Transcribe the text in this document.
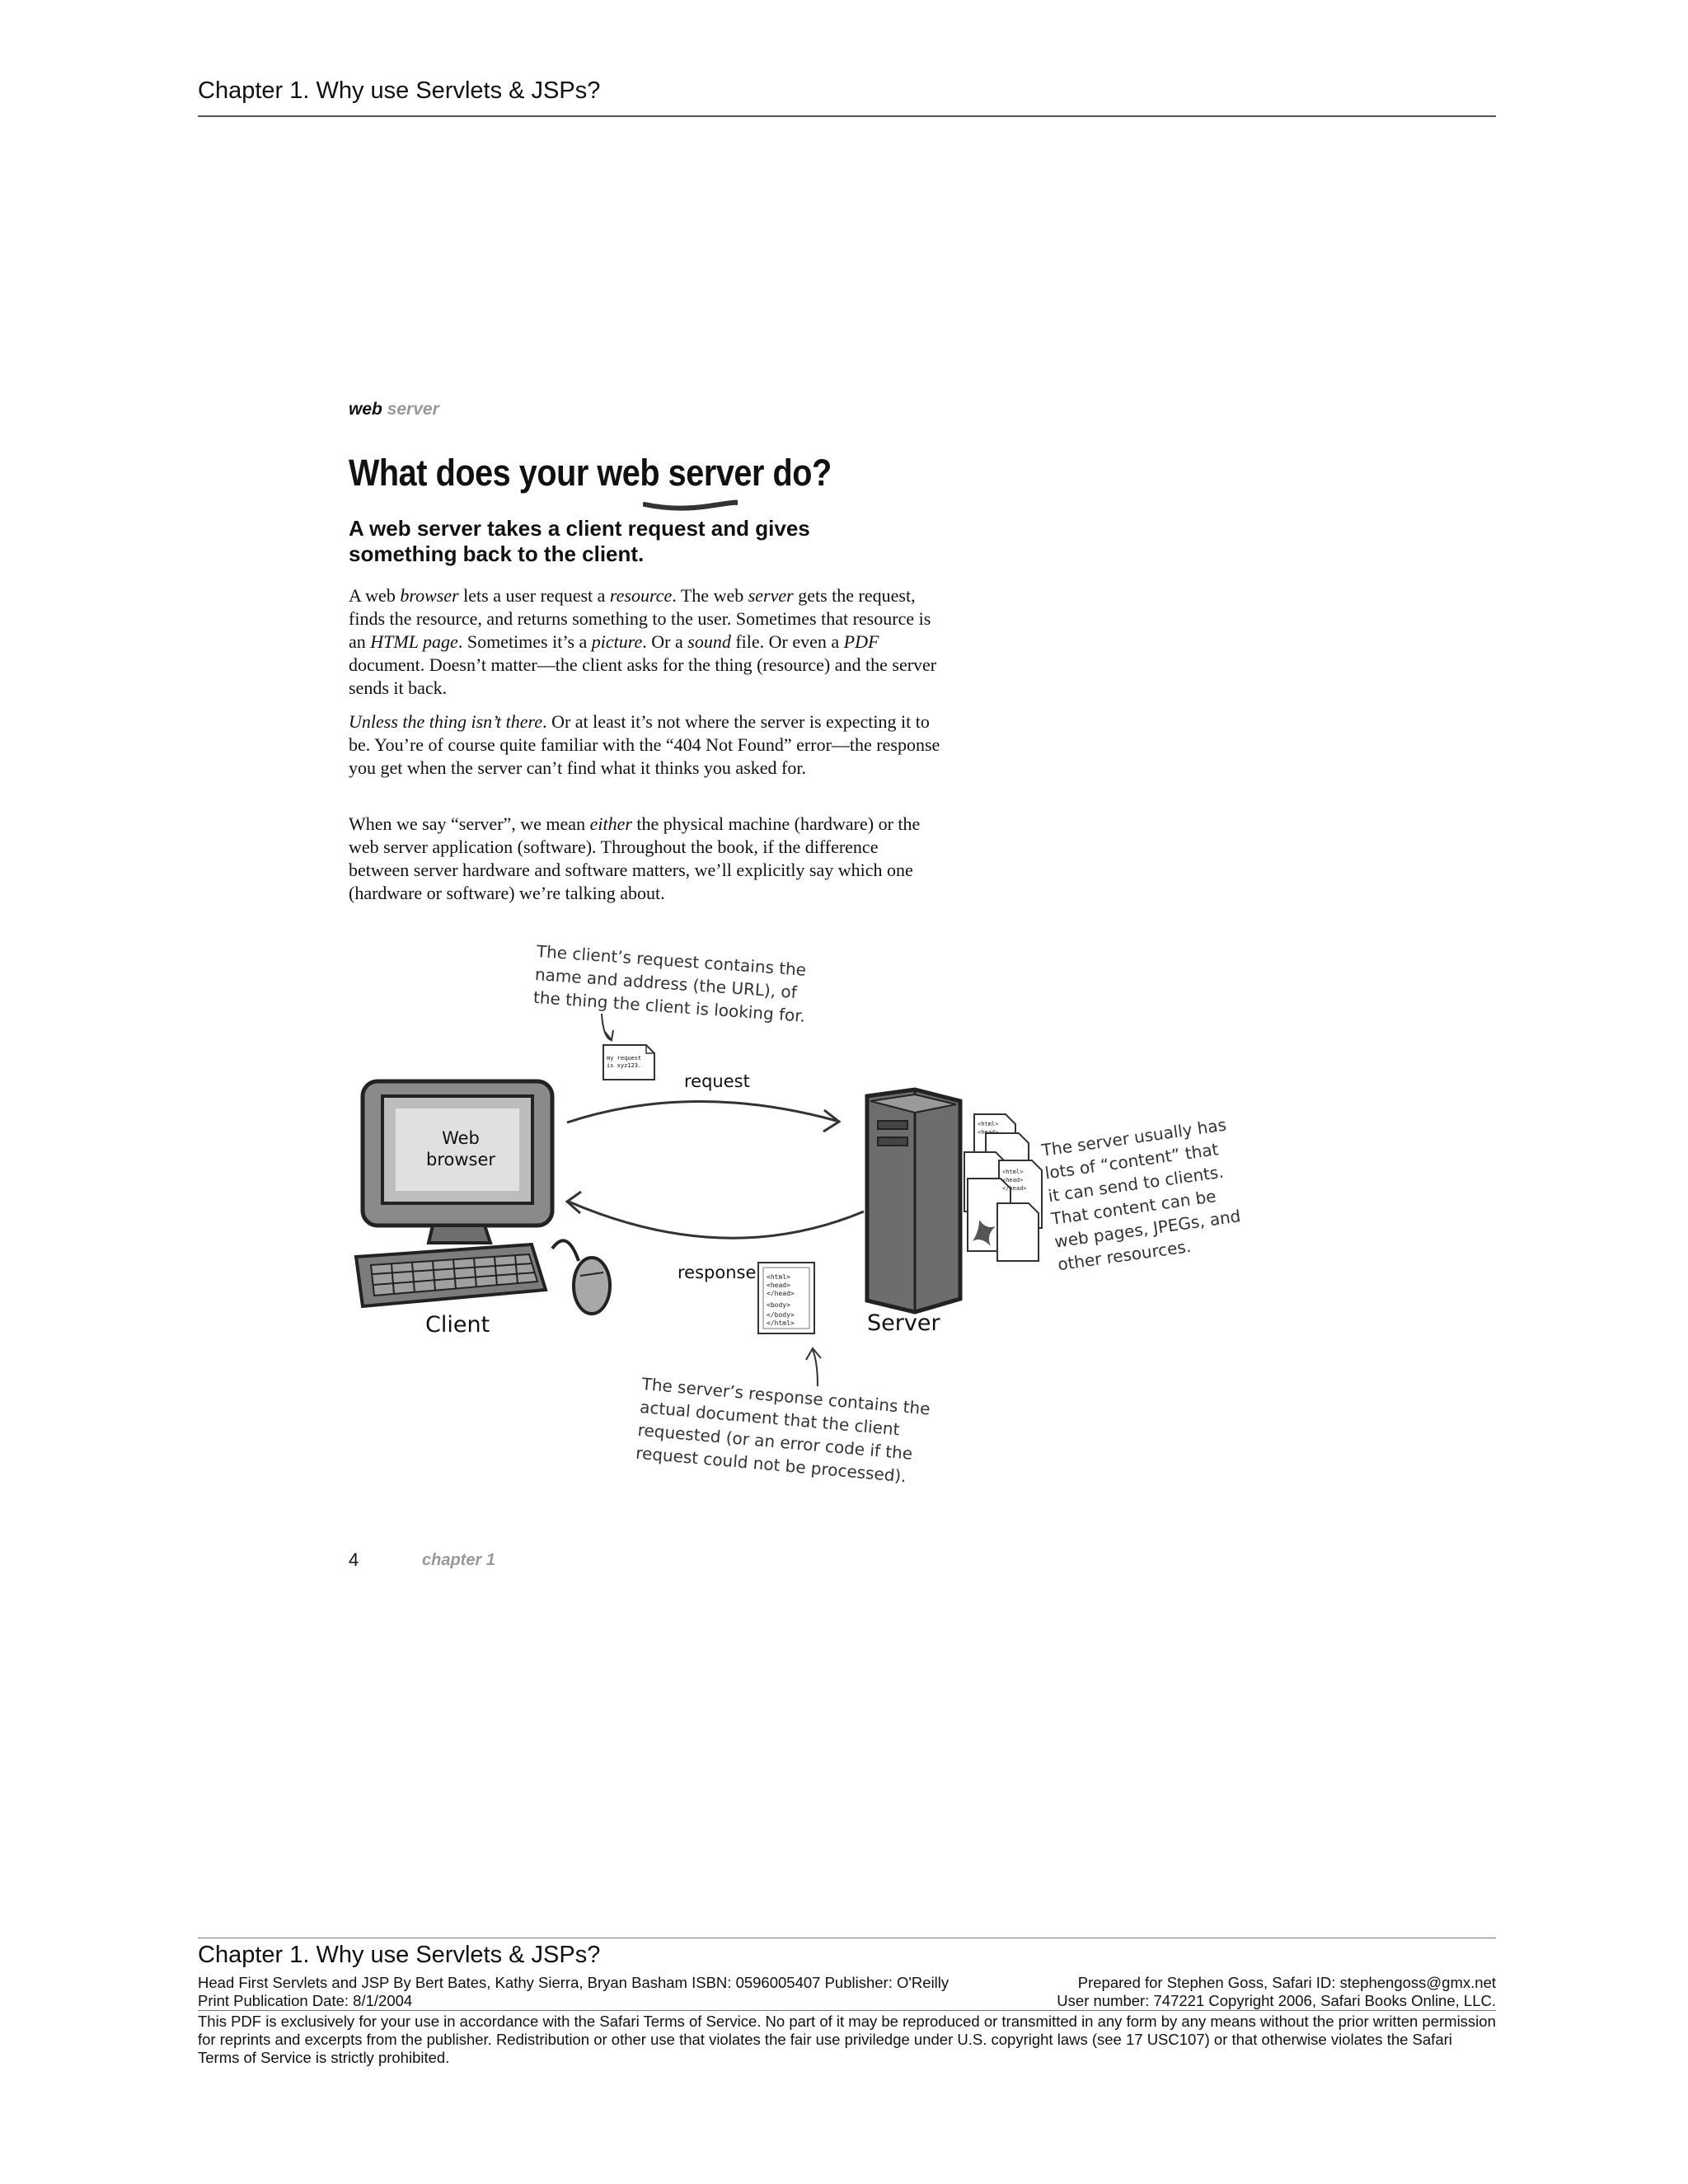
Chapter 1. Why use Servlets & JSPs?
web server
What does your web server do?
A web server takes a client request and gives something back to the client.

A web browser lets a user request a resource. The web server gets the request, finds the resource, and returns something to the user. Sometimes that resource is an HTML page. Sometimes it’s a picture. Or a sound file. Or even a PDF document. Doesn’t matter—the client asks for the thing (resource) and the server sends it back.

Unless the thing isn’t there. Or at least it’s not where the server is expecting it to be. You’re of course quite familiar with the “404 Not Found” error—the response you get when the server can’t find what it thinks you asked for.

When we say “server”, we mean either the physical machine (hardware) or the web server application (software). Throughout the book, if the difference between server hardware and software matters, we’ll explicitly say which one (hardware or software) we’re talking about.

The client’s request contains the
name and address (the URL), of
the thing the client is looking for.
<html>
<head>
<html>
<head>
</head>
<html>
<head>
</head>
<body>
</body>
</html>
my request
is xyz123.
request
response
Web
browser
Client	Server
The server usually has
lots of “content” that
it can send to clients.
That content can be
web pages, JPEGs, and
other resources.
The server’s response contains the
actual document that the client
requested (or an error code if the
request could not be processed).
4	chapter 1
Chapter 1. Why use Servlets & JSPs?
Head First Servlets and JSP By Bert Bates, Kathy Sierra, Bryan Basham ISBN: 0596005407 Publisher: O'Reilly	Prepared for Stephen Goss, Safari ID: stephengoss@gmx.net
Print Publication Date: 8/1/2004	User number: 747221 Copyright 2006, Safari Books Online, LLC.
This PDF is exclusively for your use in accordance with the Safari Terms of Service. No part of it may be reproduced or transmitted in any form by any means without the prior written permission for reprints and excerpts from the publisher. Redistribution or other use that violates the fair use priviledge under U.S. copyright laws (see 17 USC107) or that otherwise violates the Safari Terms of Service is strictly prohibited.
